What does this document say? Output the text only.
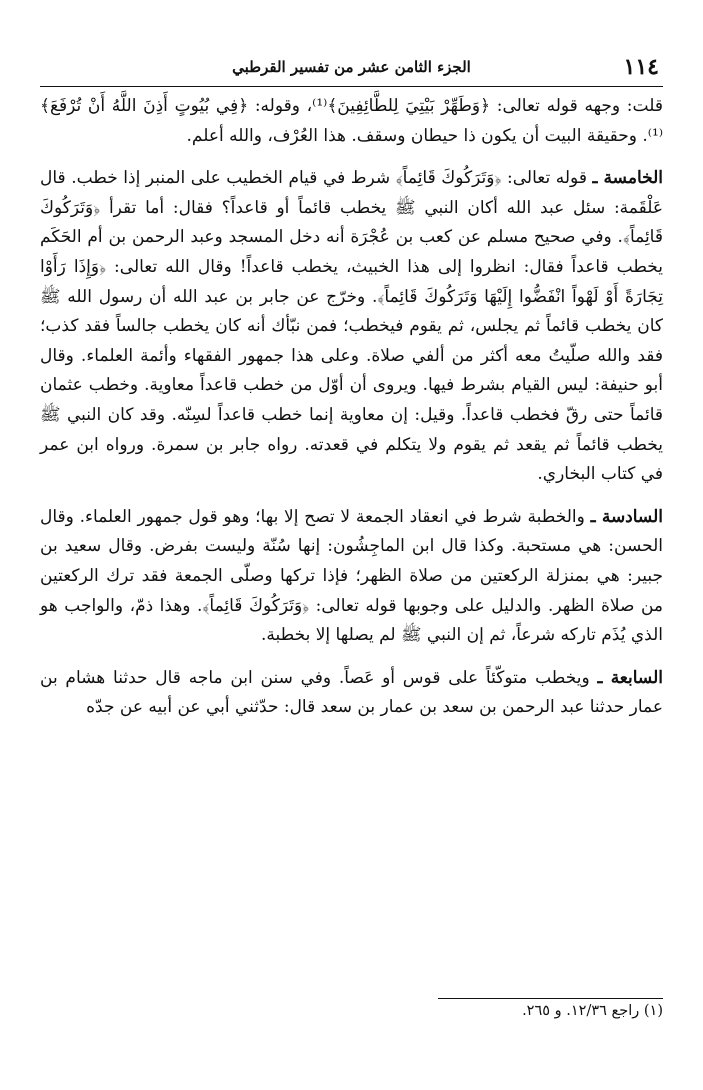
١١٤
الجزء الثامن عشر من تفسير القرطبي

قلت: وجهه قوله تعالى: ﴿وَطَهِّرْ بَيْتِيَ لِلطَّائِفِينَ﴾⁽¹⁾، وقوله: ﴿فِي بُيُوتٍ أَذِنَ اللَّهُ أَنْ تُرْفَعَ﴾⁽¹⁾. وحقيقة البيت أن يكون ذا حيطان وسقف. هذا العُرْف، والله أعلم.

الخامسة ـ قوله تعالى: ﴿وَتَرَكُوكَ قَائِماً﴾ شرط في قيام الخطيب على المنبر إذا خطب. قال عَلْقَمة: سئل عبد الله أكان النبي ﷺ يخطب قائماً أو قاعداً؟ فقال: أما تقرأ ﴿وَتَرَكُوكَ قَائِماً﴾. وفي صحيح مسلم عن كعب بن عُجْرَة أنه دخل المسجد وعبد الرحمن بن أم الحَكَم يخطب قاعداً فقال: انظروا إلى هذا الخبيث، يخطب قاعداً! وقال الله تعالى: ﴿وَإِذَا رَأَوْا تِجَارَةً أَوْ لَهْواً انْفَضُّوا إِلَيْهَا وَتَرَكُوكَ قَائِماً﴾. وخرّج عن جابر بن عبد الله أن رسول الله ﷺ كان يخطب قائماً ثم يجلس، ثم يقوم فيخطب؛ فمن نبّأك أنه كان يخطب جالساً فقد كذب؛ فقد والله صلّيتُ معه أكثر من ألفي صلاة. وعلى هذا جمهور الفقهاء وأئمة العلماء. وقال أبو حنيفة: ليس القيام بشرط فيها. ويروى أن أوّل من خطب قاعداً معاوية. وخطب عثمان قائماً حتى رقّ فخطب قاعداً. وقيل: إن معاوية إنما خطب قاعداً لسِنّه. وقد كان النبي ﷺ يخطب قائماً ثم يقعد ثم يقوم ولا يتكلم في قعدته. رواه جابر بن سمرة. ورواه ابن عمر في كتاب البخاري.

السادسة ـ والخطبة شرط في انعقاد الجمعة لا تصح إلا بها؛ وهو قول جمهور العلماء. وقال الحسن: هي مستحبة. وكذا قال ابن الماجِشُون: إنها سُنّة وليست بفرض. وقال سعيد بن جبير: هي بمنزلة الركعتين من صلاة الظهر؛ فإذا تركها وصلّى الجمعة فقد ترك الركعتين من صلاة الظهر. والدليل على وجوبها قوله تعالى: ﴿وَتَرَكُوكَ قَائِماً﴾. وهذا ذمّ، والواجب هو الذي يُذَم تاركه شرعاً، ثم إن النبي ﷺ لم يصلها إلا بخطبة.

السابعة ـ ويخطب متوكّئاً على قوس أو عَصاً. وفي سنن ابن ماجه قال حدثنا هشام بن عمار حدثنا عبد الرحمن بن سعد بن عمار بن سعد قال: حدّثني أبي عن أبيه عن جدّه

(١) راجع ١٢/٣٦. و ٢٦٥.
